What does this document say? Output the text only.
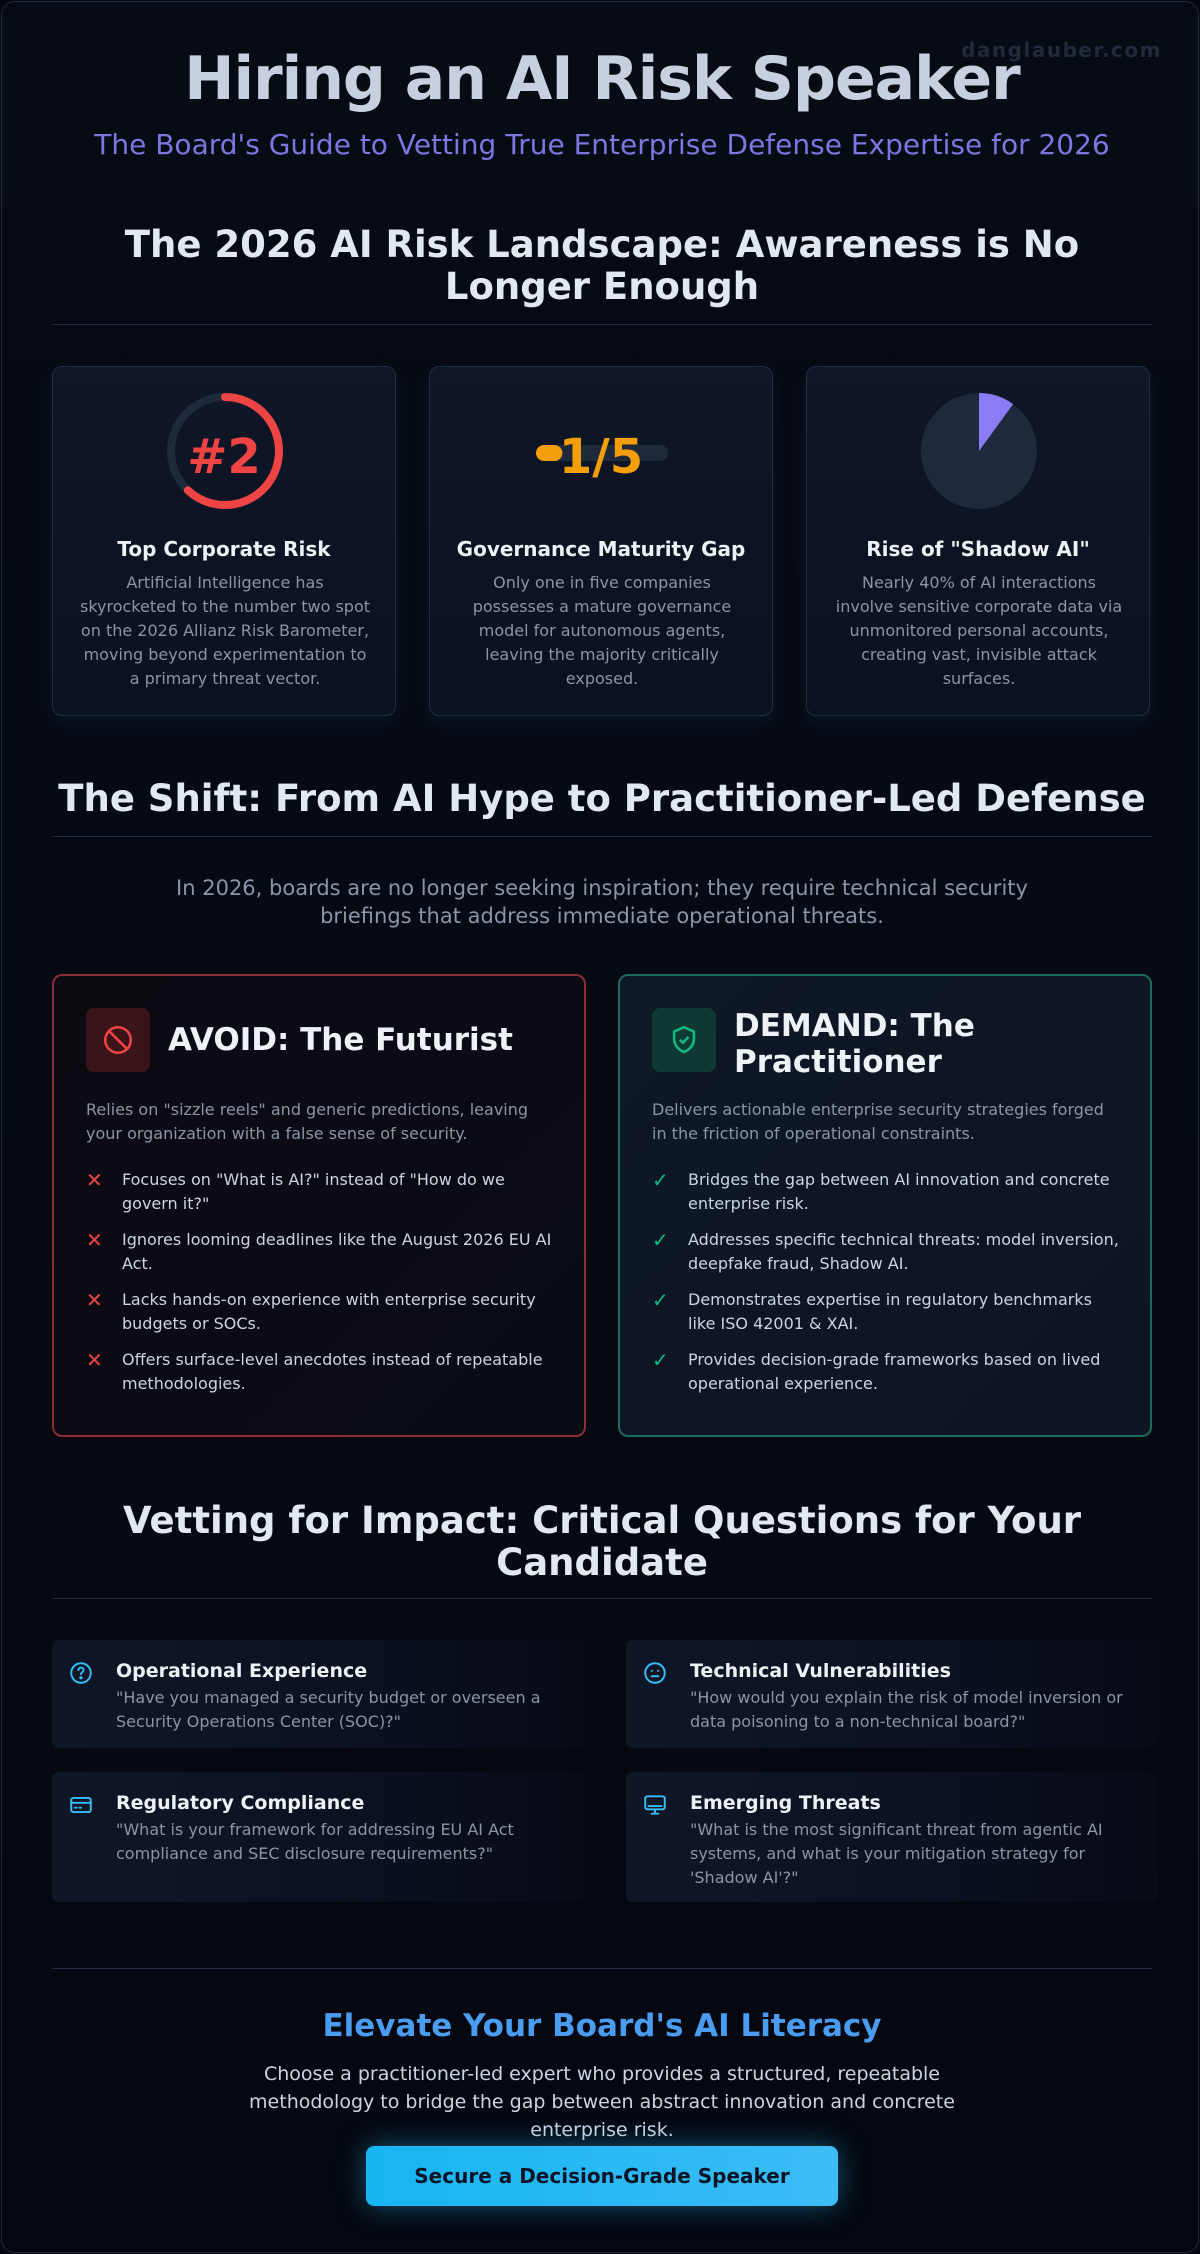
danglauber.com
Hiring an AI Risk Speaker
The Board's Guide to Vetting True Enterprise Defense Expertise for 2026
The 2026 AI Risk Landscape: Awareness is No Longer Enough
#2
Top Corporate Risk
Artificial Intelligence has skyrocketed to the number two spot on the 2026 Allianz Risk Barometer, moving beyond experimentation to a primary threat vector.
1/5
Governance Maturity Gap
Only one in five companies possesses a mature governance model for autonomous agents, leaving the majority critically exposed.
Rise of "Shadow AI"
Nearly 40% of AI interactions involve sensitive corporate data via unmonitored personal accounts, creating vast, invisible attack surfaces.
The Shift: From AI Hype to Practitioner-Led Defense

In 2026, boards are no longer seeking inspiration; they require technical security briefings that address immediate operational threats.

AVOID: The Futurist
Relies on "sizzle reels" and generic predictions, leaving your organization with a false sense of security.
✕ Focuses on "What is AI?" instead of "How do we govern it?"
✕ Ignores looming deadlines like the August 2026 EU AI Act.
✕ Lacks hands-on experience with enterprise security budgets or SOCs.
✕ Offers surface-level anecdotes instead of repeatable methodologies.
DEMAND: The Practitioner
Delivers actionable enterprise security strategies forged in the friction of operational constraints.
✓ Bridges the gap between AI innovation and concrete enterprise risk.
✓ Addresses specific technical threats: model inversion, deepfake fraud, Shadow AI.
✓ Demonstrates expertise in regulatory benchmarks like ISO 42001 & XAI.
✓ Provides decision-grade frameworks based on lived operational experience.
Vetting for Impact: Critical Questions for Your Candidate
Operational Experience
"Have you managed a security budget or overseen a Security Operations Center (SOC)?"
Technical Vulnerabilities
"How would you explain the risk of model inversion or data poisoning to a non-technical board?"
Regulatory Compliance
"What is your framework for addressing EU AI Act compliance and SEC disclosure requirements?"
Emerging Threats
"What is the most significant threat from agentic AI systems, and what is your mitigation strategy for 'Shadow AI'?"
Elevate Your Board's AI Literacy

Choose a practitioner-led expert who provides a structured, repeatable methodology to bridge the gap between abstract innovation and concrete enterprise risk.

Secure a Decision-Grade Speaker
